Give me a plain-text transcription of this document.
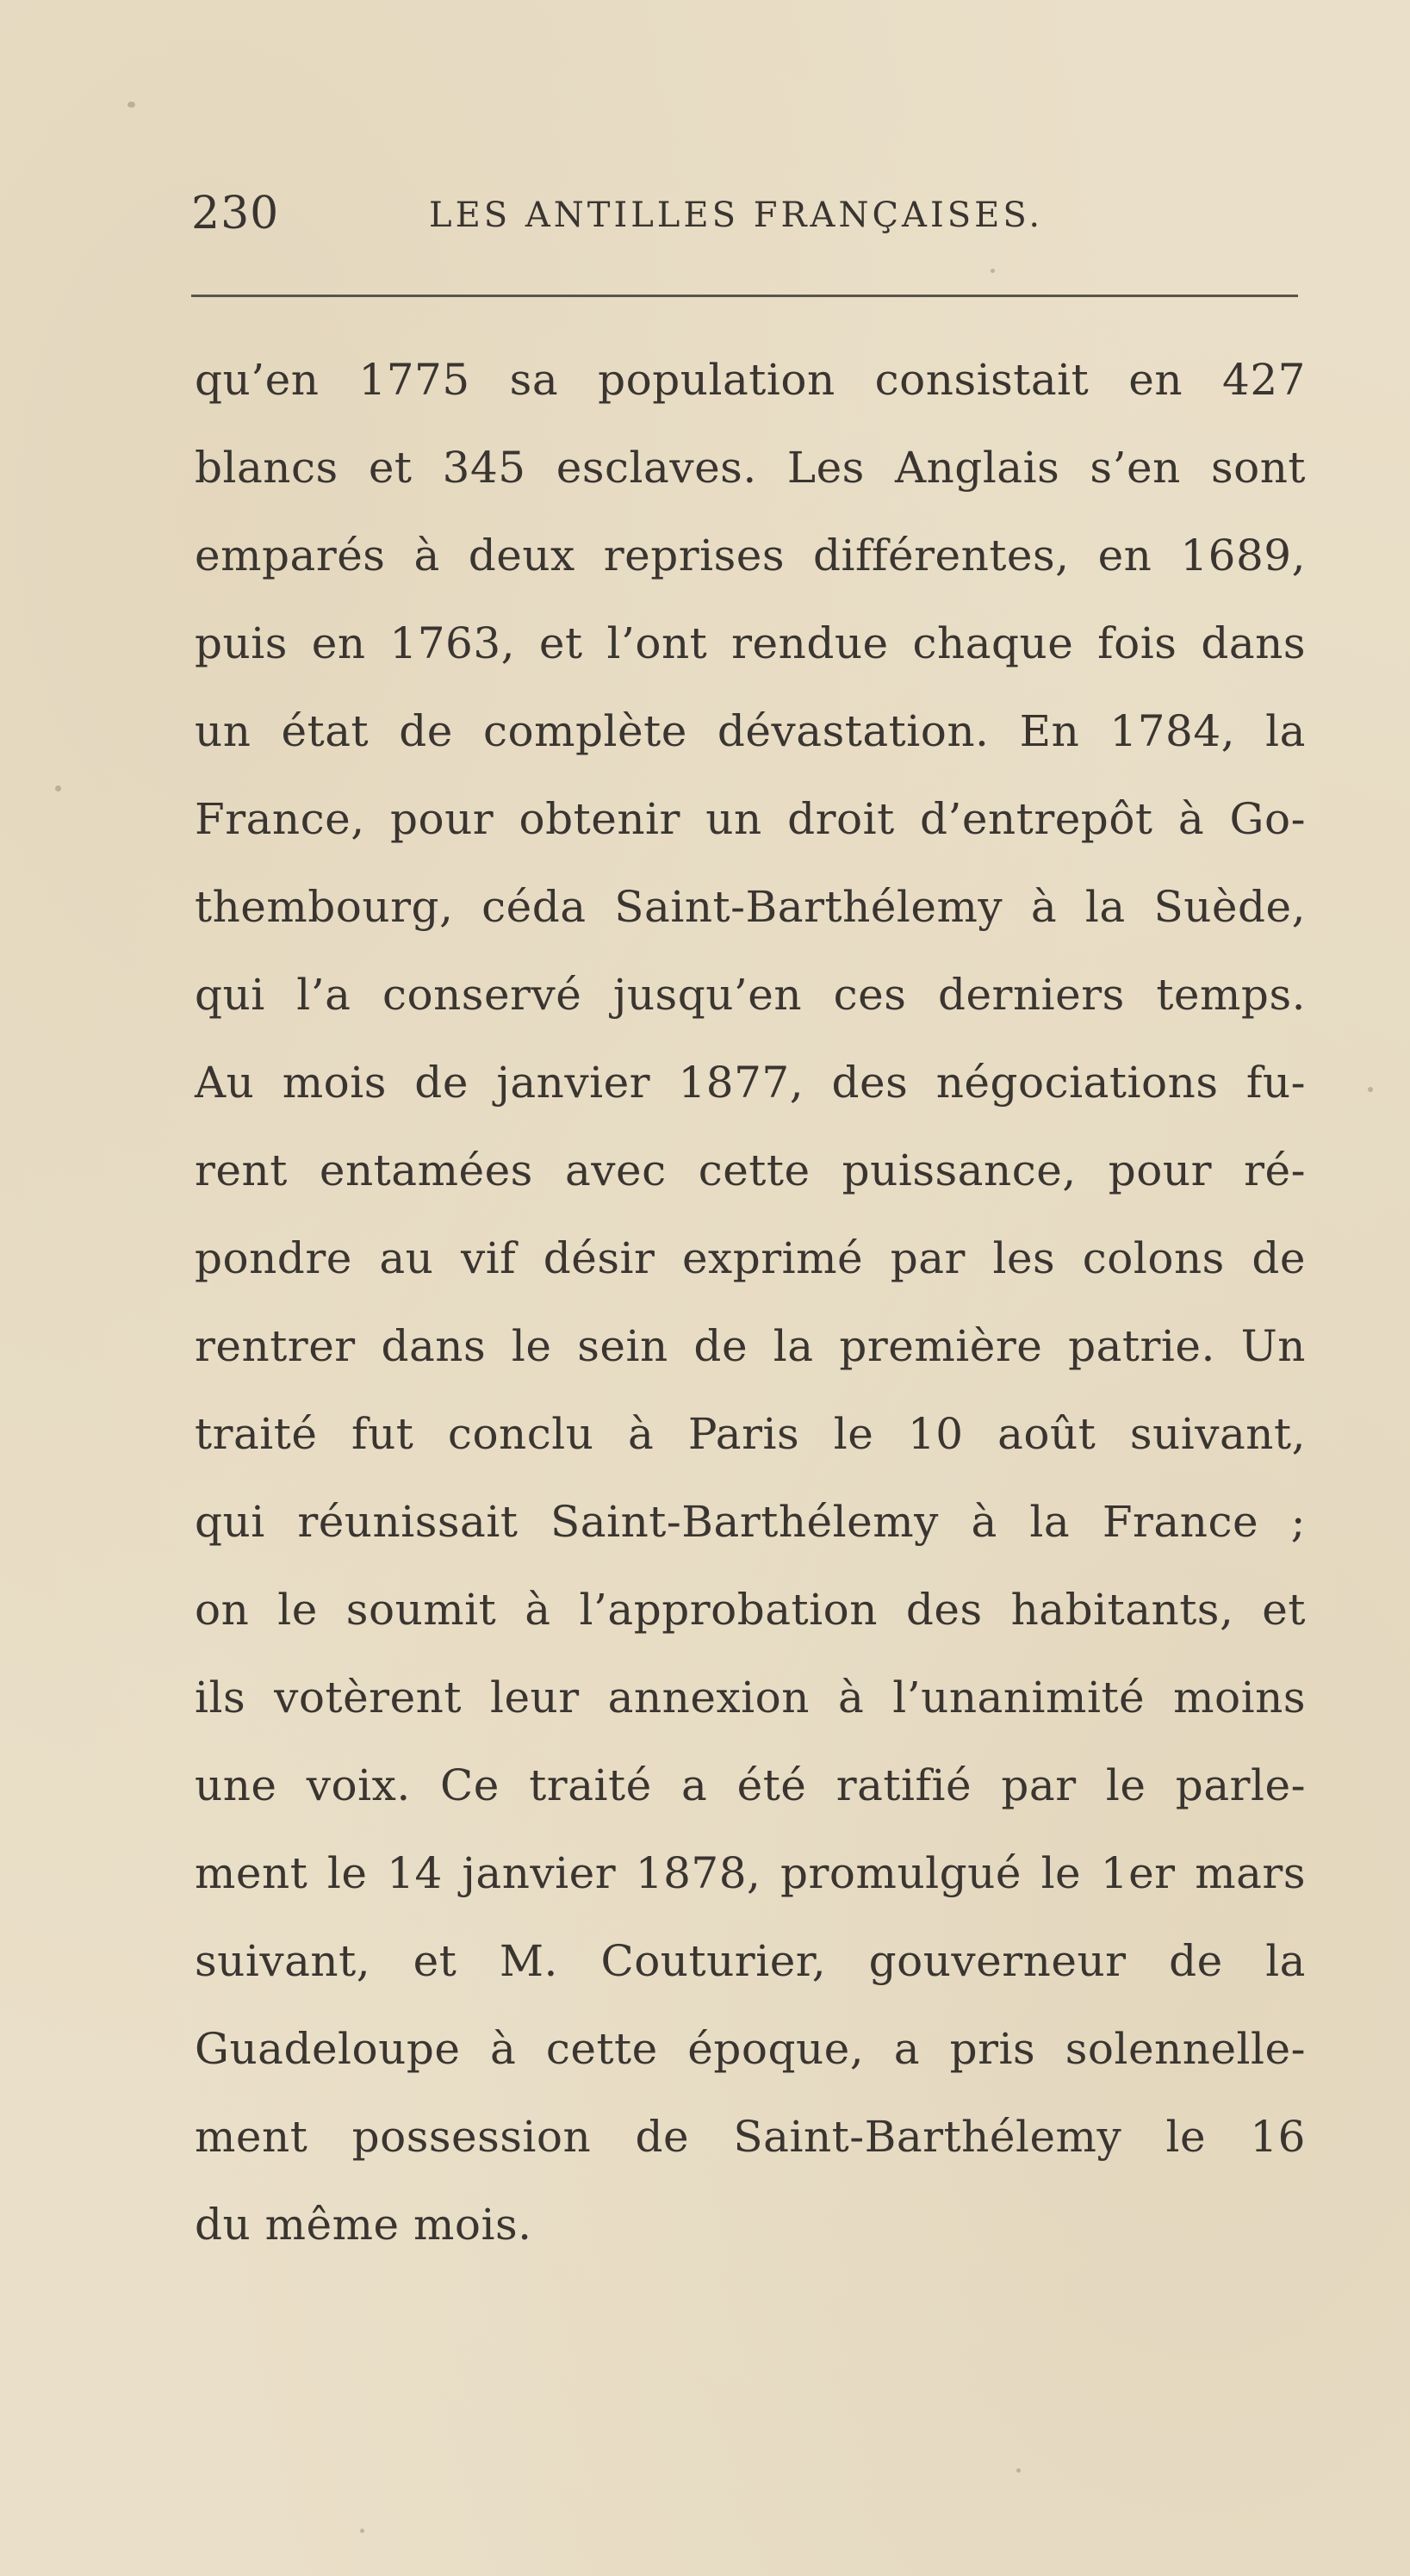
230	LES ANTILLES FRANÇAISES.
qu’en 1775 sa population consistait en 427
blancs et 345 esclaves. Les Anglais s’en sont
emparés à deux reprises différentes, en 1689,
puis en 1763, et l’ont rendue chaque fois dans
un état de complète dévastation. En 1784, la
France, pour obtenir un droit d’entrepôt à Go-
thembourg, céda Saint-Barthélemy à la Suède,
qui l’a conservé jusqu’en ces derniers temps.
Au mois de janvier 1877, des négociations fu-
rent entamées avec cette puissance, pour ré-
pondre au vif désir exprimé par les colons de
rentrer dans le sein de la première patrie. Un
traité fut conclu à Paris le 10 août suivant,
qui réunissait Saint-Barthélemy à la France ;
on le soumit à l’approbation des habitants, et
ils votèrent leur annexion à l’unanimité moins
une voix. Ce traité a été ratifié par le parle-
ment le 14 janvier 1878, promulgué le 1er mars
suivant, et M. Couturier, gouverneur de la
Guadeloupe à cette époque, a pris solennelle-
ment possession de Saint-Barthélemy le 16
du même mois.
